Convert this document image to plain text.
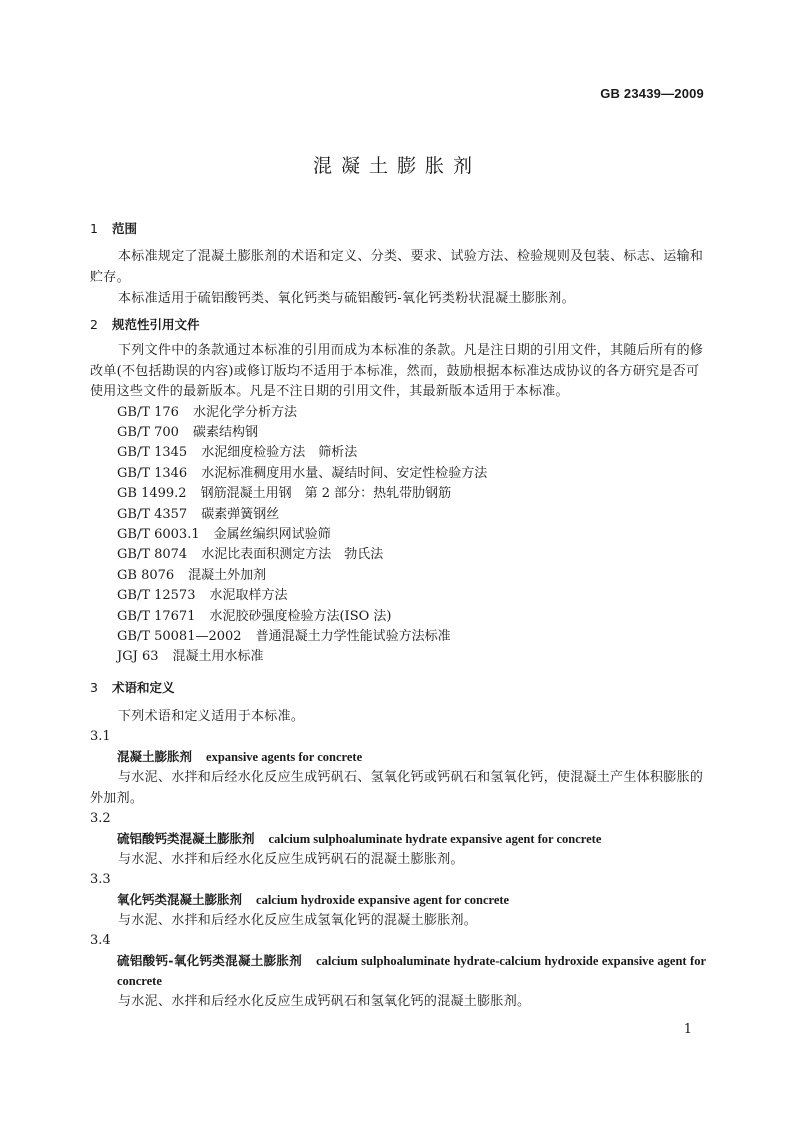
GB 23439—2009
混凝土膨胀剂
1 范围
本标准规定了混凝土膨胀剂的术语和定义、分类、要求、试验方法、检验规则及包装、标志、运输和贮存。
本标准适用于硫铝酸钙类、氧化钙类与硫铝酸钙-氧化钙类粉状混凝土膨胀剂。
2 规范性引用文件
下列文件中的条款通过本标准的引用而成为本标准的条款。凡是注日期的引用文件，其随后所有的修改单(不包括勘误的内容)或修订版均不适用于本标准，然而，鼓励根据本标准达成协议的各方研究是否可使用这些文件的最新版本。凡是不注日期的引用文件，其最新版本适用于本标准。
GB/T 176 水泥化学分析方法
GB/T 700 碳素结构钢
GB/T 1345 水泥细度检验方法　筛析法
GB/T 1346 水泥标准稠度用水量、凝结时间、安定性检验方法
GB 1499.2 钢筋混凝土用钢　第 2 部分：热轧带肋钢筋
GB/T 4357 碳素弹簧钢丝
GB/T 6003.1 金属丝编织网试验筛
GB/T 8074 水泥比表面积测定方法　勃氏法
GB 8076 混凝土外加剂
GB/T 12573 水泥取样方法
GB/T 17671 水泥胶砂强度检验方法(ISO 法)
GB/T 50081—2002 普通混凝土力学性能试验方法标准
JGJ 63 混凝土用水标准
3 术语和定义
下列术语和定义适用于本标准。
3.1
混凝土膨胀剂 expansive agents for concrete
与水泥、水拌和后经水化反应生成钙矾石、氢氧化钙或钙矾石和氢氧化钙，使混凝土产生体积膨胀的外加剂。
3.2
硫铝酸钙类混凝土膨胀剂 calcium sulphoaluminate hydrate expansive agent for concrete
与水泥、水拌和后经水化反应生成钙矾石的混凝土膨胀剂。
3.3
氧化钙类混凝土膨胀剂 calcium hydroxide expansive agent for concrete
与水泥、水拌和后经水化反应生成氢氧化钙的混凝土膨胀剂。
3.4
硫铝酸钙-氧化钙类混凝土膨胀剂 calcium sulphoaluminate hydrate-calcium hydroxide expansive agent for concrete
与水泥、水拌和后经水化反应生成钙矾石和氢氧化钙的混凝土膨胀剂。
1
